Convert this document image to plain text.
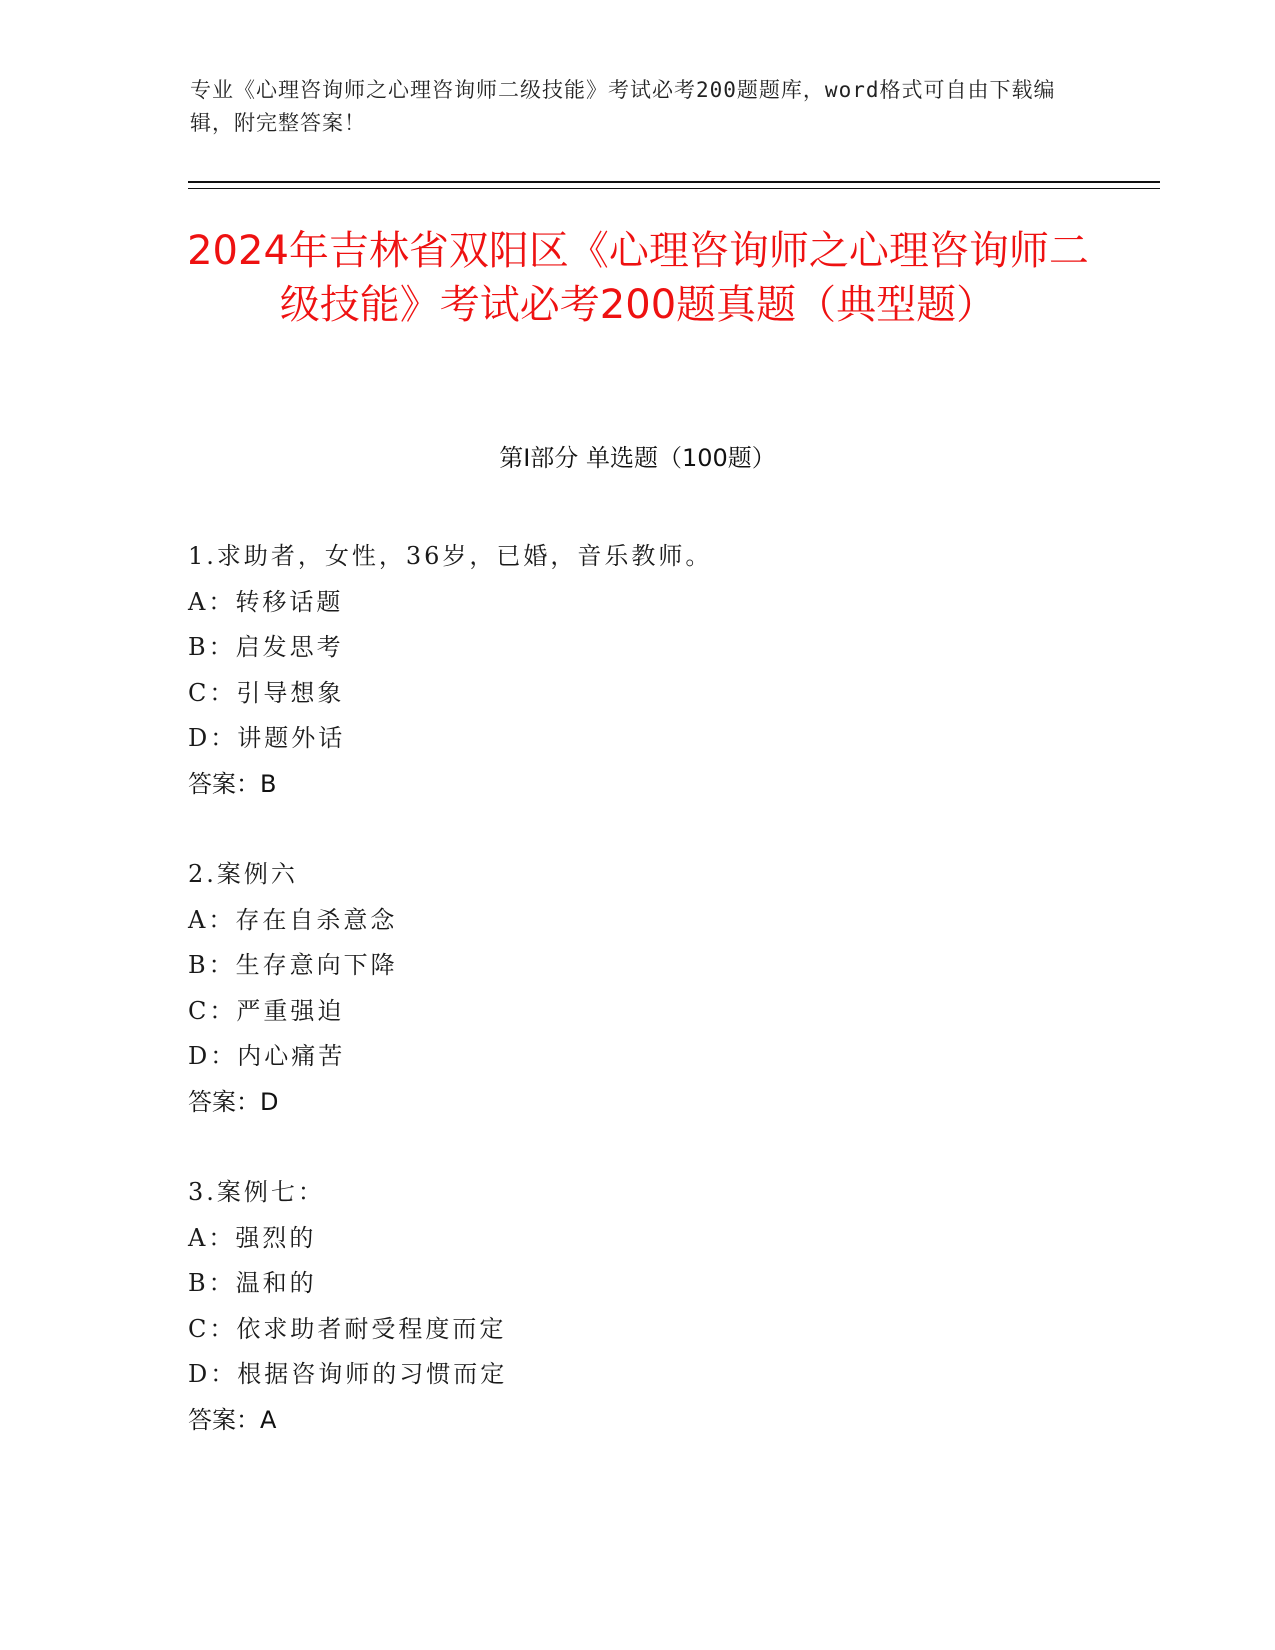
专业《心理咨询师之心理咨询师二级技能》考试必考200题题库，word格式可自由下载编辑，附完整答案！
2024年吉林省双阳区《心理咨询师之心理咨询师二级技能》考试必考200题真题（典型题）
第I部分 单选题（100题）
1.求助者，女性，36岁，已婚，音乐教师。
A：转移话题
B：启发思考
C：引导想象
D：讲题外话
答案：B
2.案例六
A：存在自杀意念
B：生存意向下降
C：严重强迫
D：内心痛苦
答案：D
3.案例七：
A：强烈的
B：温和的
C：依求助者耐受程度而定
D：根据咨询师的习惯而定
答案：A
